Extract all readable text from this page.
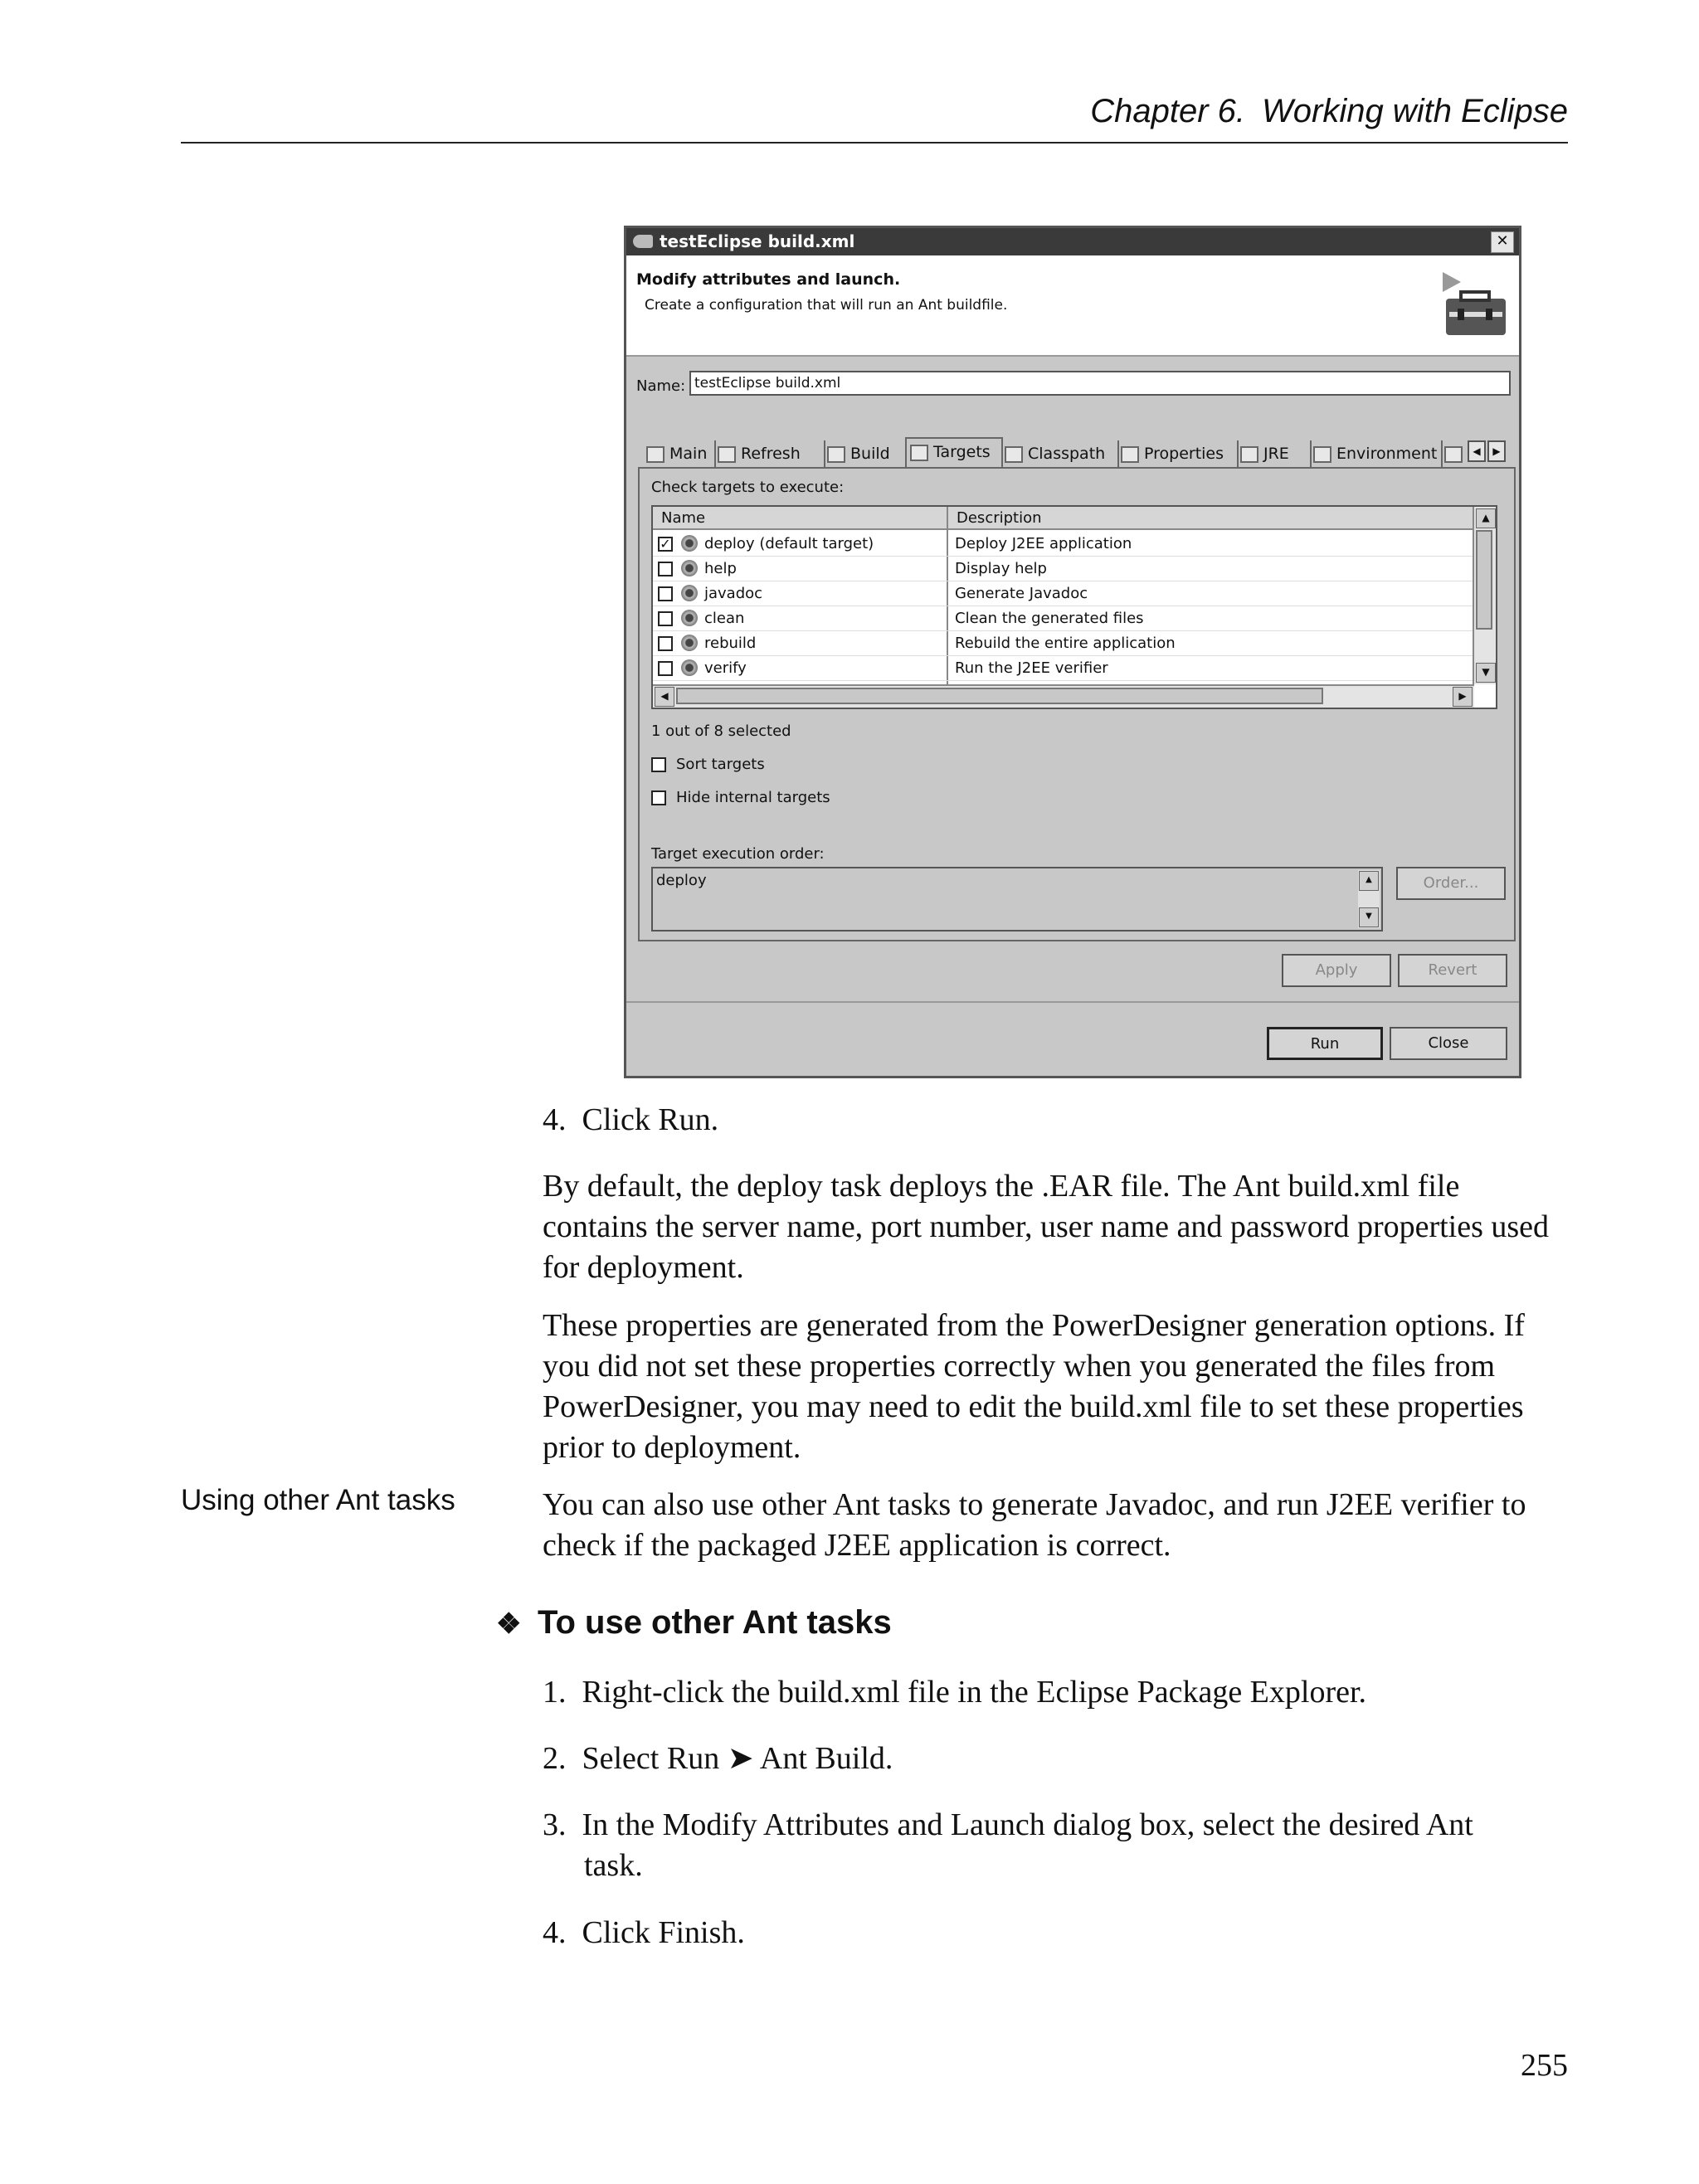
Chapter 6. Working with Eclipse
testEclipse build.xml	✕
Modify attributes and launch.
Create a configuration that will run an Ant buildfile.
Name: testEclipse build.xml
Main	Refresh	Build	Targets	Classpath	Properties	JRE	Environment	◀	▶
Check targets to execute:
Name	Description
✓ deploy (default target)	Deploy J2EE application
help	Display help
javadoc	Generate Javadoc
clean	Clean the generated files
rebuild	Rebuild the entire application
verify	Run the J2EE verifier
▲
▼
◀	▶
1 out of 8 selected
Sort targets
Hide internal targets
Target execution order:
deploy	▲
▼
Order...
Apply	Revert
Run	Close
4. Click Run.
By default, the deploy task deploys the .EAR file. The Ant build.xml file contains the server name, port number, user name and password properties used for deployment.
These properties are generated from the PowerDesigner generation options. If you did not set these properties correctly when you generated the files from PowerDesigner, you may need to edit the build.xml file to set these properties prior to deployment.
Using other Ant tasks	You can also use other Ant tasks to generate Javadoc, and run J2EE verifier to check if the packaged J2EE application is correct.
❖ To use other Ant tasks
1. Right-click the build.xml file in the Eclipse Package Explorer.
2. Select Run ➤ Ant Build.
3. In the Modify Attributes and Launch dialog box, select the desired Ant task.
4. Click Finish.
255
